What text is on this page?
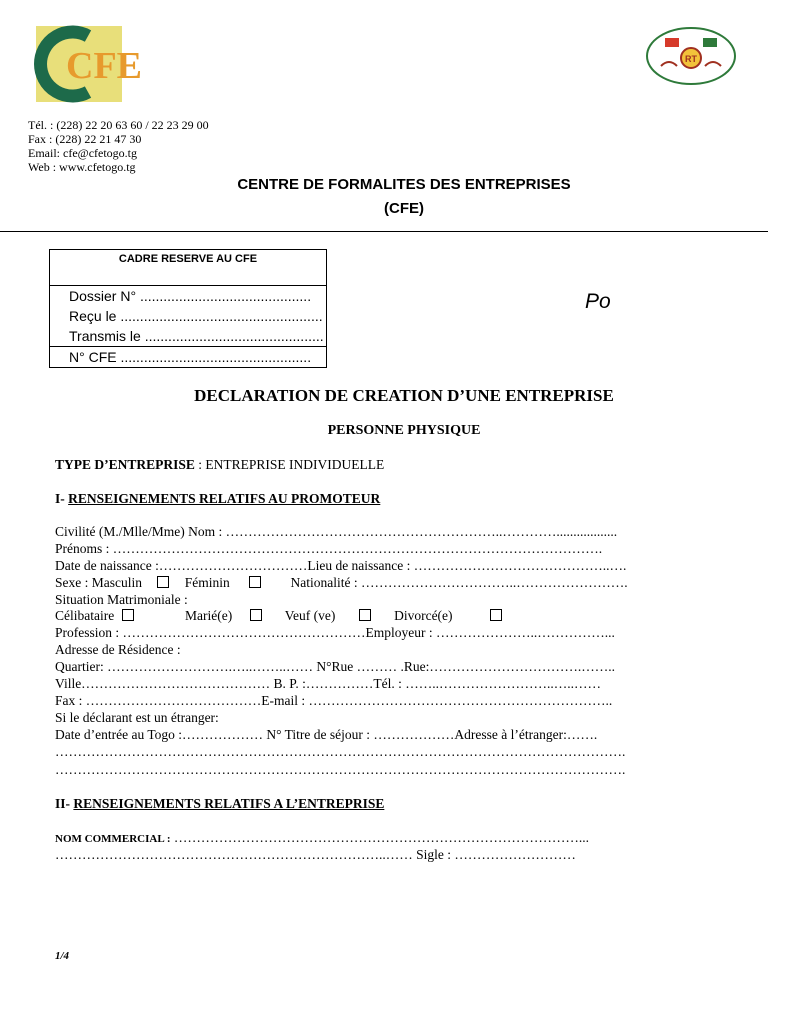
CFE	RT
Tél. : (228) 22 20 63 60 / 22 23 29 00
Fax : (228) 22 21 47 30
Email: cfe@cfetogo.tg
Web : www.cfetogo.tg
CENTRE DE FORMALITES DES ENTREPRISES
(CFE)
CADRE RESERVE AU CFE
Dossier N° ............................................
Reçu le ....................................................
Transmis le ..............................................
N° CFE .................................................
Po
DECLARATION DE CREATION D’UNE ENTREPRISE
PERSONNE PHYSIQUE
TYPE D’ENTREPRISE : ENTREPRISE INDIVIDUELLE
I- RENSEIGNEMENTS RELATIFS AU PROMOTEUR
Civilité (M./Mlle/Mme) Nom : ……………………………………………………..…………..................
Prénoms : ……………………………………………………………………………………………….
Date de naissance :……………………………Lieu de naissance : ……………………………………..….
Sexe : Masculin	Féminin	Nationalité : ……………………………..…………………….
Situation Matrimoniale :
Célibataire	Marié(e)	Veuf (ve)	Divorcé(e)
Profession : ………………………………………………Employeur : …………………..……………...
Adresse de Résidence :
Quartier: ……………………….…..……..…… N°Rue ……… .Rue:…………………………….……..
Ville…………………………………… B. P. :……………Tél. : ……..……………………..…..……
Fax : …………………………………E-mail : …………………………………………………………..
Si le déclarant est un étranger:
Date d’entrée au Togo :……………… N° Titre de séjour : ………………Adresse à l’étranger:…….
……………………………………………………………………………………………………………….
……………………………………………………………………………………………………………….
II- RENSEIGNEMENTS RELATIFS A L’ENTREPRISE
NOM COMMERCIAL : ………………………………………………………………………………...
………………………………………………………………..…… Sigle : ………………………
1/4
